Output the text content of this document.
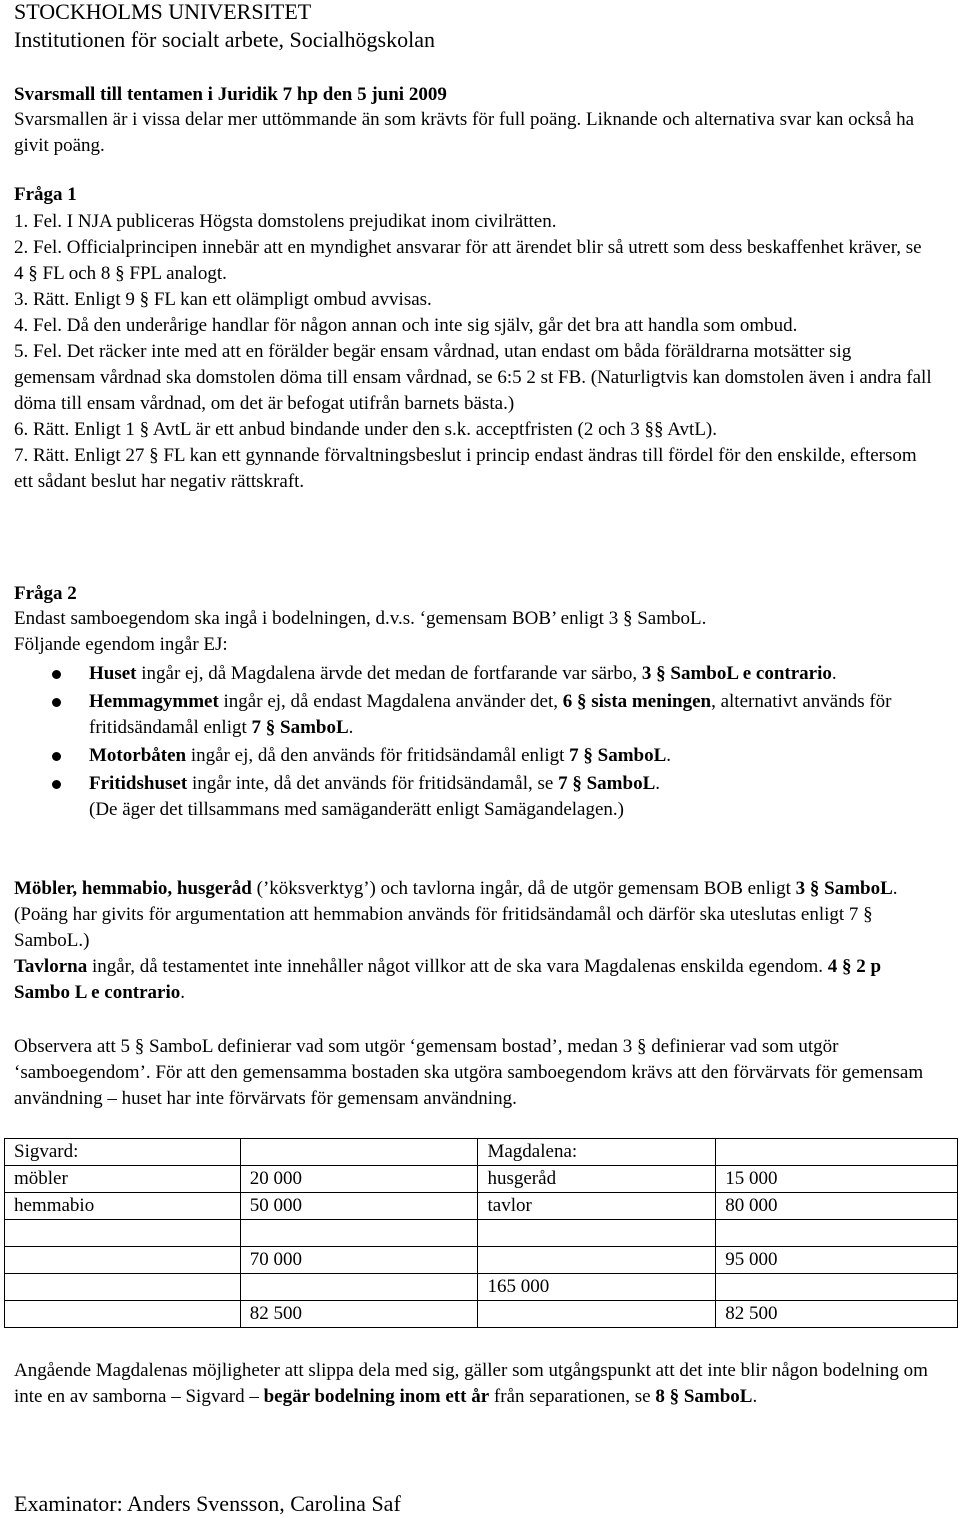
STOCKHOLMS UNIVERSITET
Institutionen för socialt arbete, Socialhögskolan
Svarsmall till tentamen i Juridik 7 hp den 5 juni 2009
Svarsmallen är i vissa delar mer uttömmande än som krävts för full poäng. Liknande och alternativa svar kan också ha givit poäng.
Fråga 1
1. Fel. I NJA publiceras Högsta domstolens prejudikat inom civilrätten.
2. Fel. Officialprincipen innebär att en myndighet ansvarar för att ärendet blir så utrett som dess beskaffenhet kräver, se 4 § FL och 8 § FPL analogt.
3. Rätt. Enligt 9 § FL kan ett olämpligt ombud avvisas.
4. Fel. Då den underårige handlar för någon annan och inte sig själv, går det bra att handla som ombud.
5. Fel. Det räcker inte med att en förälder begär ensam vårdnad, utan endast om båda föräldrarna motsätter sig gemensam vårdnad ska domstolen döma till ensam vårdnad, se 6:5 2 st FB. (Naturligtvis kan domstolen även i andra fall döma till ensam vårdnad, om det är befogat utifrån barnets bästa.)
6. Rätt. Enligt 1 § AvtL är ett anbud bindande under den s.k. acceptfristen (2 och 3 §§ AvtL).
7. Rätt. Enligt 27 § FL kan ett gynnande förvaltningsbeslut i princip endast ändras till fördel för den enskilde, eftersom ett sådant beslut har negativ rättskraft.
Fråga 2
Endast samboegendom ska ingå i bodelningen, d.v.s. ‘gemensam BOB’ enligt 3 § SamboL.
Följande egendom ingår EJ:
Huset ingår ej, då Magdalena ärvde det medan de fortfarande var särbo, 3 § SamboL e contrario.
Hemmagymmet ingår ej, då endast Magdalena använder det, 6 § sista meningen, alternativt används för fritidsändamål enligt 7 § SamboL.
Motorbåten ingår ej, då den används för fritidsändamål enligt 7 § SamboL.
Fritidshuset ingår inte, då det används för fritidsändamål, se 7 § SamboL.
(De äger det tillsammans med samäganderätt enligt Samägandelagen.)
Möbler, hemmabio, husgeråd (’köksverktyg’) och tavlorna ingår, då de utgör gemensam BOB enligt 3 § SamboL. (Poäng har givits för argumentation att hemmabion används för fritidsändamål och därför ska uteslutas enligt 7 § SamboL.)
Tavlorna ingår, då testamentet inte innehåller något villkor att de ska vara Magdalenas enskilda egendom. 4 § 2 p Sambo L e contrario.
Observera att 5 § SamboL definierar vad som utgör ‘gemensam bostad’, medan 3 § definierar vad som utgör ‘samboegendom’. För att den gemensamma bostaden ska utgöra samboegendom krävs att den förvärvats för gemensam användning – huset har inte förvärvats för gemensam användning.
Sigvard:		Magdalena:	
möbler	20 000	husgeråd	15 000
hemmabio	50 000	tavlor	80 000

	70 000		95 000
		165 000	
	82 500		82 500
Angående Magdalenas möjligheter att slippa dela med sig, gäller som utgångspunkt att det inte blir någon bodelning om inte en av samborna – Sigvard – begär bodelning inom ett år från separationen, se 8 § SamboL.
Examinator: Anders Svensson, Carolina Saf
